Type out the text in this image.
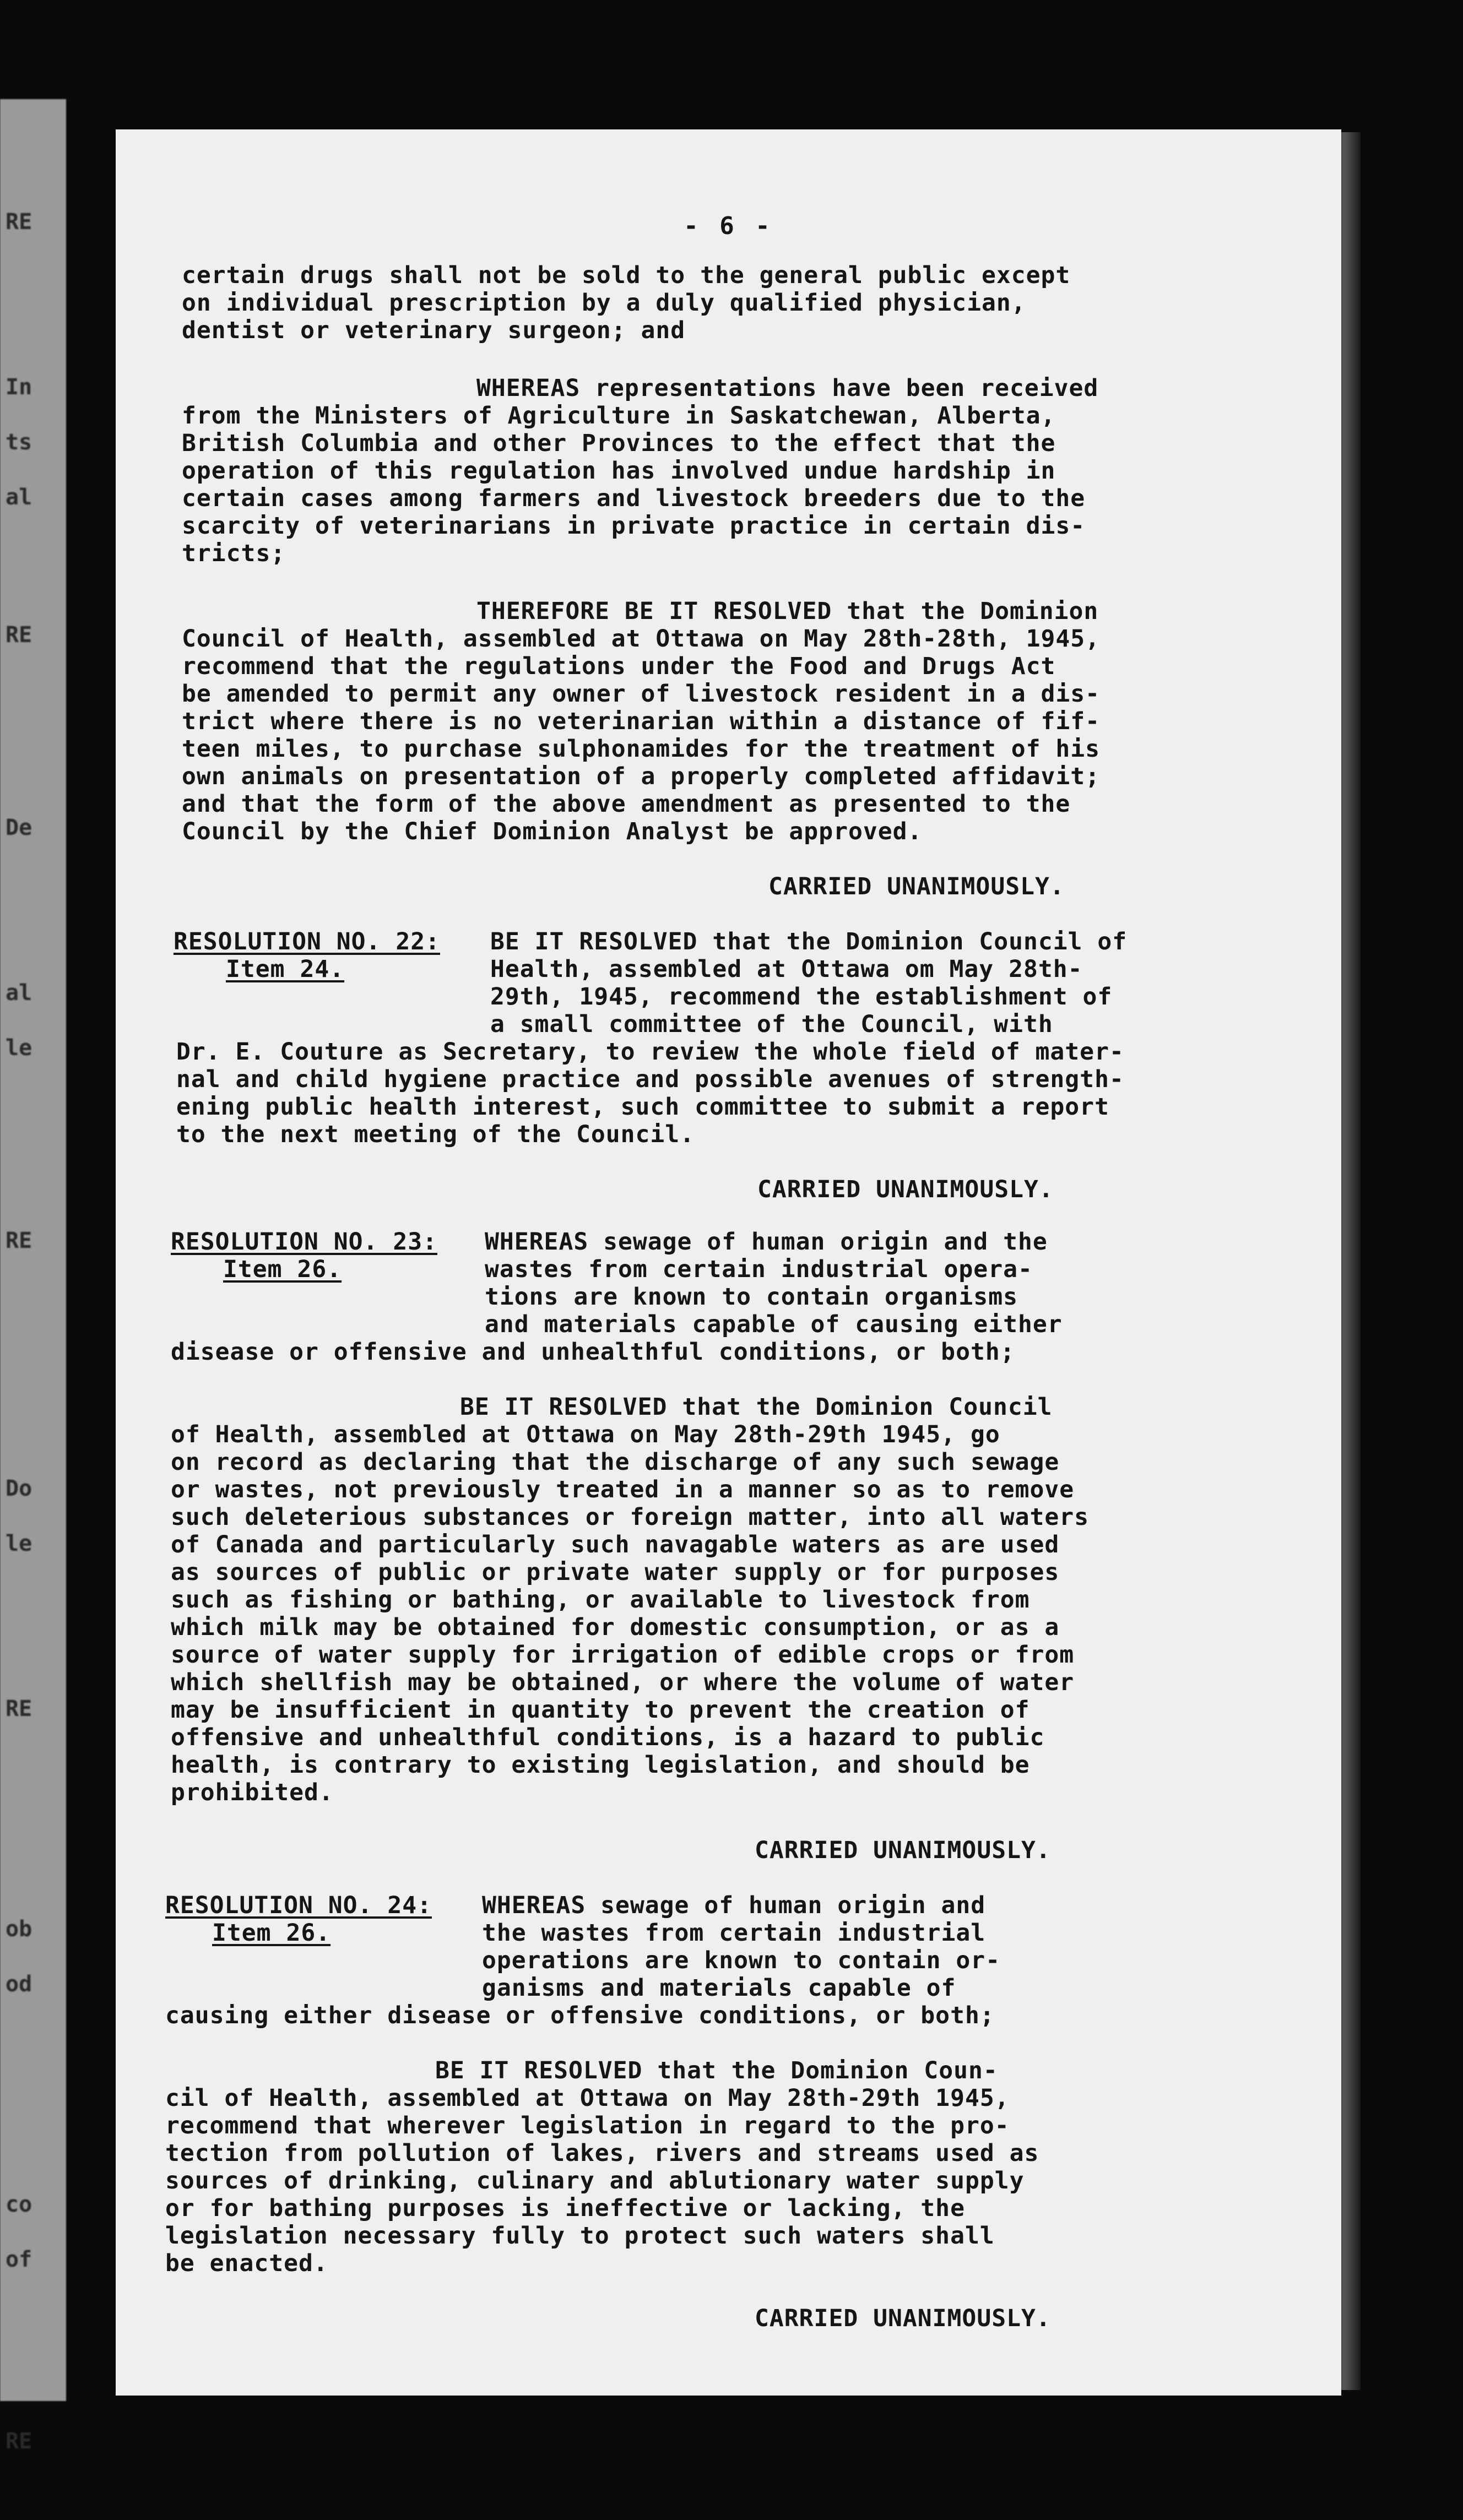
RE
In
ts
al
RE
De
al
le
RE
Do
le
RE
ob
od
co
of
RE
- 6 -
certain drugs shall not be sold to the general public except
on individual prescription by a duly qualified physician,
dentist or veterinary surgeon; and
WHEREAS representations have been received
from the Ministers of Agriculture in Saskatchewan, Alberta,
British Columbia and other Provinces to the effect that the
operation of this regulation has involved undue hardship in
certain cases among farmers and livestock breeders due to the
scarcity of veterinarians in private practice in certain dis-
tricts;
THEREFORE BE IT RESOLVED that the Dominion
Council of Health, assembled at Ottawa on May 28th-28th, 1945,
recommend that the regulations under the Food and Drugs Act
be amended to permit any owner of livestock resident in a dis-
trict where there is no veterinarian within a distance of fif-
teen miles, to purchase sulphonamides for the treatment of his
own animals on presentation of a properly completed affidavit;
and that the form of the above amendment as presented to the
Council by the Chief Dominion Analyst be approved.
CARRIED UNANIMOUSLY.
RESOLUTION NO. 22:
Item 24.
BE IT RESOLVED that the Dominion Council of
Health, assembled at Ottawa om May 28th-
29th, 1945, recommend the establishment of
a small committee of the Council, with
Dr. E. Couture as Secretary, to review the whole field of mater-
nal and child hygiene practice and possible avenues of strength-
ening public health interest, such committee to submit a report
to the next meeting of the Council.
CARRIED UNANIMOUSLY.
RESOLUTION NO. 23:
Item 26.
WHEREAS sewage of human origin and the
wastes from certain industrial opera-
tions are known to contain organisms
and materials capable of causing either
disease or offensive and unhealthful conditions, or both;
BE IT RESOLVED that the Dominion Council
of Health, assembled at Ottawa on May 28th-29th 1945, go
on record as declaring that the discharge of any such sewage
or wastes, not previously treated in a manner so as to remove
such deleterious substances or foreign matter, into all waters
of Canada and particularly such navagable waters as are used
as sources of public or private water supply or for purposes
such as fishing or bathing, or available to livestock from
which milk may be obtained for domestic consumption, or as a
source of water supply for irrigation of edible crops or from
which shellfish may be obtained, or where the volume of water
may be insufficient in quantity to prevent the creation of
offensive and unhealthful conditions, is a hazard to public
health, is contrary to existing legislation, and should be
prohibited.
CARRIED UNANIMOUSLY.
RESOLUTION NO. 24:
Item 26.
WHEREAS sewage of human origin and
the wastes from certain industrial
operations are known to contain or-
ganisms and materials capable of
causing either disease or offensive conditions, or both;
BE IT RESOLVED that the Dominion Coun-
cil of Health, assembled at Ottawa on May 28th-29th 1945,
recommend that wherever legislation in regard to the pro-
tection from pollution of lakes, rivers and streams used as
sources of drinking, culinary and ablutionary water supply
or for bathing purposes is ineffective or lacking, the
legislation necessary fully to protect such waters shall
be enacted.
CARRIED UNANIMOUSLY.
